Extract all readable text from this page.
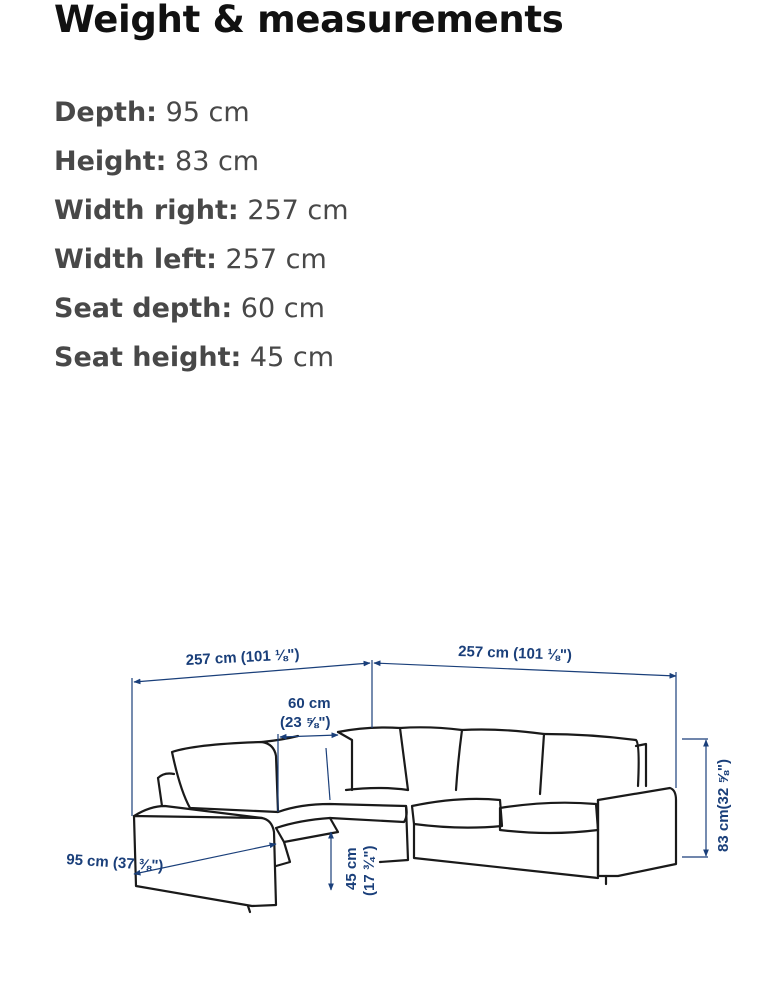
Weight & measurements
Depth: 95 cm
Height: 83 cm
Width right: 257 cm
Width left: 257 cm
Seat depth: 60 cm
Seat height: 45 cm
257 cm (101 ⅛")	257 cm (101 ⅛")
60 cm
(23 ⅝")
95 cm (37 ⅜")	45 cm (17 ¾")
83 cm(32 ⅝")
